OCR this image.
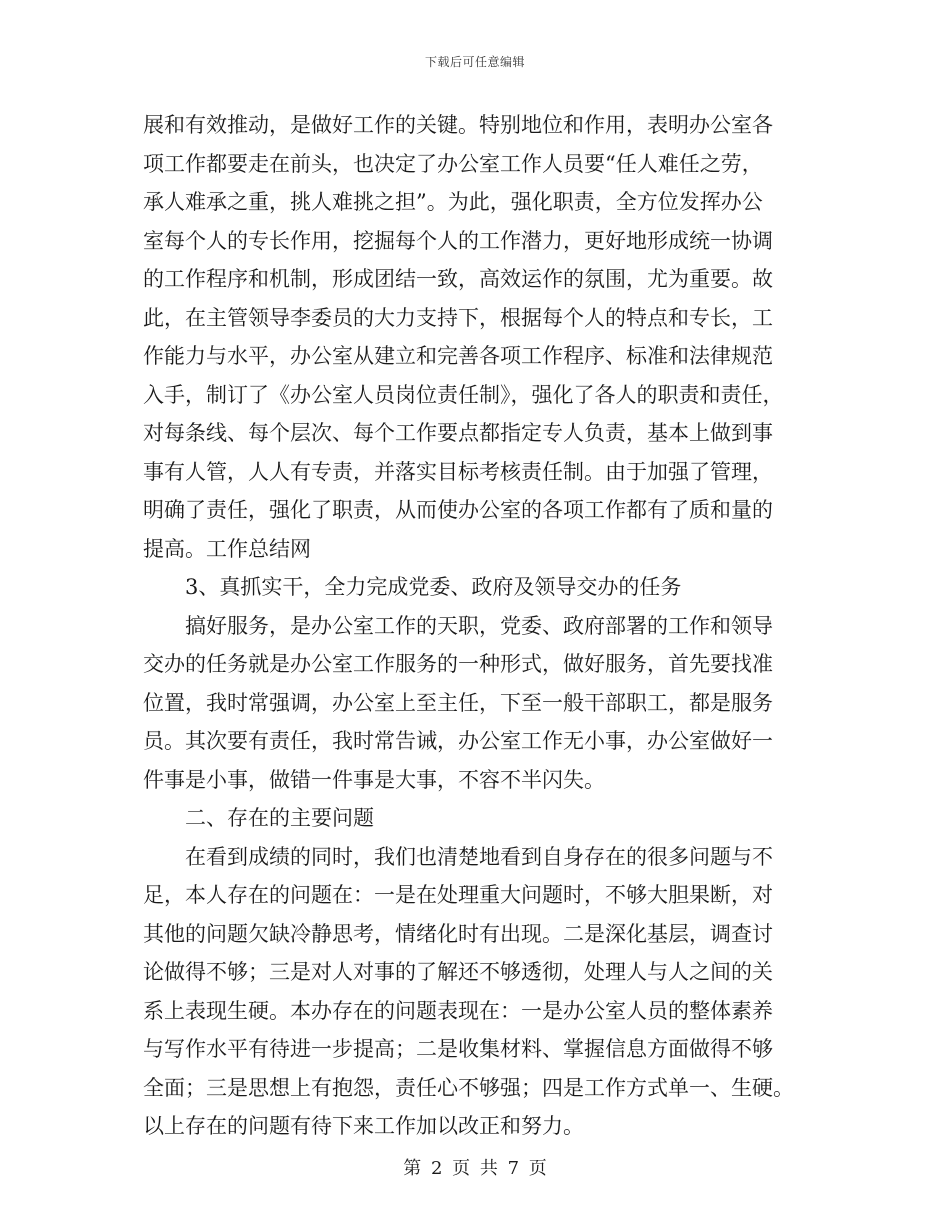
下载后可任意编辑
展和有效推动，是做好工作的关键。特别地位和作用，表明办公室各
项工作都要走在前头，也决定了办公室工作人员要“任人难任之劳，
承人难承之重，挑人难挑之担”。为此，强化职责，全方位发挥办公
室每个人的专长作用，挖掘每个人的工作潜力，更好地形成统一协调
的工作程序和机制，形成团结一致，高效运作的氛围，尤为重要。故
此，在主管领导李委员的大力支持下，根据每个人的特点和专长，工
作能力与水平，办公室从建立和完善各项工作程序、标准和法律规范
入手，制订了《办公室人员岗位责任制》，强化了各人的职责和责任，
对每条线、每个层次、每个工作要点都指定专人负责，基本上做到事
事有人管，人人有专责，并落实目标考核责任制。由于加强了管理，
明确了责任，强化了职责，从而使办公室的各项工作都有了质和量的
提高。工作总结网
3、真抓实干，全力完成党委、政府及领导交办的任务
搞好服务，是办公室工作的天职，党委、政府部署的工作和领导
交办的任务就是办公室工作服务的一种形式，做好服务，首先要找准
位置，我时常强调，办公室上至主任，下至一般干部职工，都是服务
员。其次要有责任，我时常告诫，办公室工作无小事，办公室做好一
件事是小事，做错一件事是大事，不容不半闪失。
二、存在的主要问题
在看到成绩的同时，我们也清楚地看到自身存在的很多问题与不
足，本人存在的问题在：一是在处理重大问题时，不够大胆果断，对
其他的问题欠缺冷静思考，情绪化时有出现。二是深化基层，调查讨
论做得不够；三是对人对事的了解还不够透彻，处理人与人之间的关
系上表现生硬。本办存在的问题表现在：一是办公室人员的整体素养
与写作水平有待进一步提高；二是收集材料、掌握信息方面做得不够
全面；三是思想上有抱怨，责任心不够强；四是工作方式单一、生硬。
以上存在的问题有待下来工作加以改正和努力。
第 2 页 共 7 页
